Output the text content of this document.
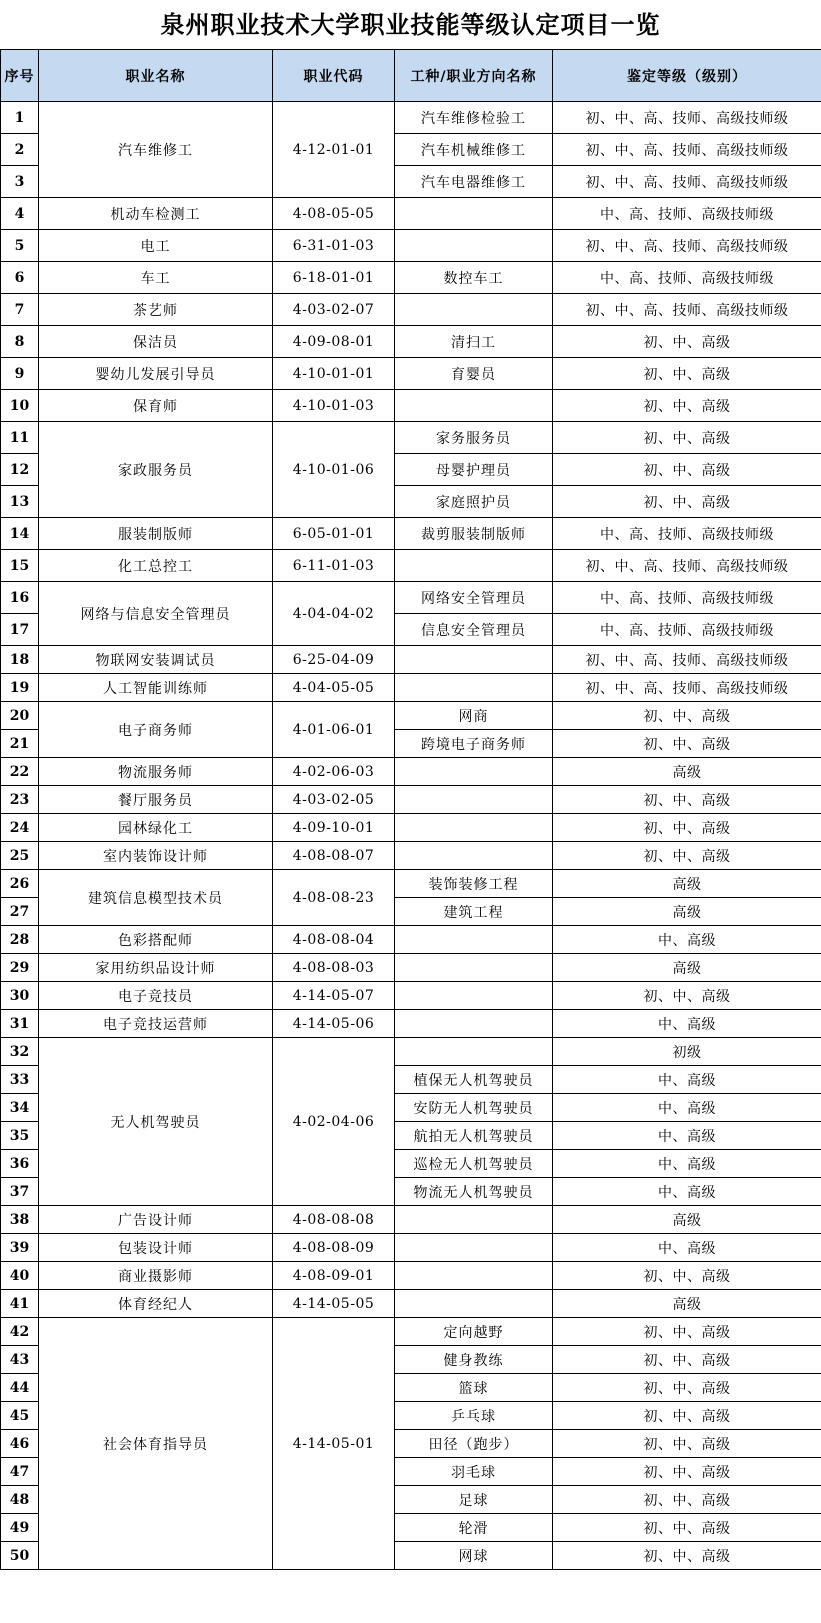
泉州职业技术大学职业技能等级认定项目一览
序号	职业名称	职业代码	工种/职业方向名称	鉴定等级（级别）
1	汽车维修工	4-12-01-01	汽车维修检验工	初、中、高、技师、高级技师级
2			汽车机械维修工	初、中、高、技师、高级技师级
3			汽车电器维修工	初、中、高、技师、高级技师级
4	机动车检测工	4-08-05-05		中、高、技师、高级技师级
5	电工	6-31-01-03		初、中、高、技师、高级技师级
6	车工	6-18-01-01	数控车工	中、高、技师、高级技师级
7	茶艺师	4-03-02-07		初、中、高、技师、高级技师级
8	保洁员	4-09-08-01	清扫工	初、中、高级
9	婴幼儿发展引导员	4-10-01-01	育婴员	初、中、高级
10	保育师	4-10-01-03		初、中、高级
11	家政服务员	4-10-01-06	家务服务员	初、中、高级
12			母婴护理员	初、中、高级
13			家庭照护员	初、中、高级
14	服装制版师	6-05-01-01	裁剪服装制版师	中、高、技师、高级技师级
15	化工总控工	6-11-01-03		初、中、高、技师、高级技师级
16	网络与信息安全管理员	4-04-04-02	网络安全管理员	中、高、技师、高级技师级
17			信息安全管理员	中、高、技师、高级技师级
18	物联网安装调试员	6-25-04-09		初、中、高、技师、高级技师级
19	人工智能训练师	4-04-05-05		初、中、高、技师、高级技师级
20	电子商务师	4-01-06-01	网商	初、中、高级
21			跨境电子商务师	初、中、高级
22	物流服务师	4-02-06-03		高级
23	餐厅服务员	4-03-02-05		初、中、高级
24	园林绿化工	4-09-10-01		初、中、高级
25	室内装饰设计师	4-08-08-07		初、中、高级
26	建筑信息模型技术员	4-08-08-23	装饰装修工程	高级
27			建筑工程	高级
28	色彩搭配师	4-08-08-04		中、高级
29	家用纺织品设计师	4-08-08-03		高级
30	电子竞技员	4-14-05-07		初、中、高级
31	电子竞技运营师	4-14-05-06		中、高级
32	无人机驾驶员	4-02-04-06		初级
33			植保无人机驾驶员	中、高级
34			安防无人机驾驶员	中、高级
35			航拍无人机驾驶员	中、高级
36			巡检无人机驾驶员	中、高级
37			物流无人机驾驶员	中、高级
38	广告设计师	4-08-08-08		高级
39	包装设计师	4-08-08-09		中、高级
40	商业摄影师	4-08-09-01		初、中、高级
41	体育经纪人	4-14-05-05		高级
42	社会体育指导员	4-14-05-01	定向越野	初、中、高级
43			健身教练	初、中、高级
44			篮球	初、中、高级
45			乒乓球	初、中、高级
46			田径（跑步）	初、中、高级
47			羽毛球	初、中、高级
48			足球	初、中、高级
49			轮滑	初、中、高级
50			网球	初、中、高级
